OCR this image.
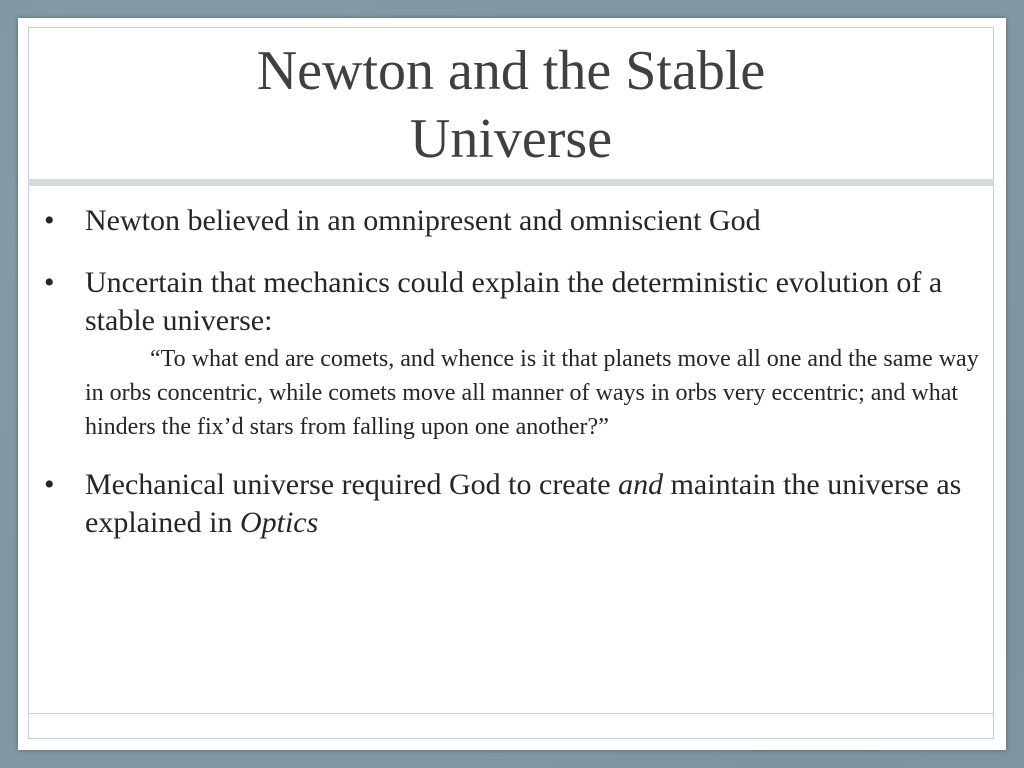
Newton and the Stable
Universe

• Newton believed in an omnipresent and omniscient God

• Uncertain that mechanics could explain the deterministic evolution of a stable universe:

“To what end are comets, and whence is it that planets move all one and the same way in orbs concentric, while comets move all manner of ways in orbs very eccentric; and what hinders the fix’d stars from falling upon one another?”

• Mechanical universe required God to create and maintain the universe as explained in Optics
